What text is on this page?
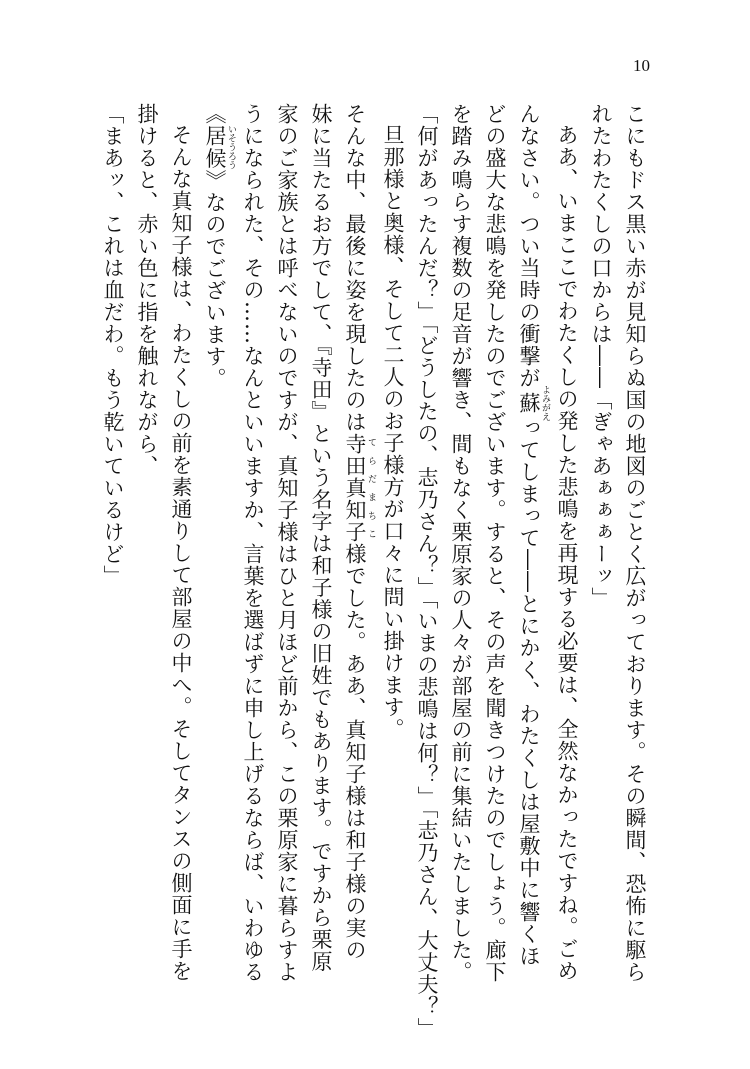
10
こにもドス黒い赤が見知らぬ国の地図のごとく広がっております。その瞬間、恐怖に駆ら
れたわたくしの口からは――「ぎゃあぁぁぁーッ」
ああ、いまここでわたくしの発した悲鳴を再現する必要は、全然なかったですね。ごめ
んなさい。つい当時の衝撃が蘇 よみがえってしまって――とにかく、わたくしは屋敷中に響くほ
どの盛大な悲鳴を発したのでございます。すると、その声を聞きつけたのでしょう。廊下
を踏み鳴らす複数の足音が響き、間もなく栗原家の人々が部屋の前に集結いたしました。
「何があったんだ？」「どうしたの、志乃さん？」「いまの悲鳴は何？」「志乃さん、大丈夫？」
旦那様と奥様、そして二人のお子様方が口々に問い掛けます。
そんな中、最後に姿を現したのは寺田真知子 てらだまちこ様でした。ああ、真知子様は和子様の実の
妹に当たるお方でして、『寺田』という名字は和子様の旧姓でもあります。ですから栗原
家のご家族とは呼べないのですが、真知子様はひと月ほど前から、この栗原家に暮らすよ
うになられた、その……なんといいますか、言葉を選ばずに申し上げるならば、いわゆる
《居候 いそうろう》なのでございます。
そんな真知子様は、わたくしの前を素通りして部屋の中へ。そしてタンスの側面に手を
掛けると、赤い色に指を触れながら、
「まあッ、これは血だわ。もう乾いているけど」
